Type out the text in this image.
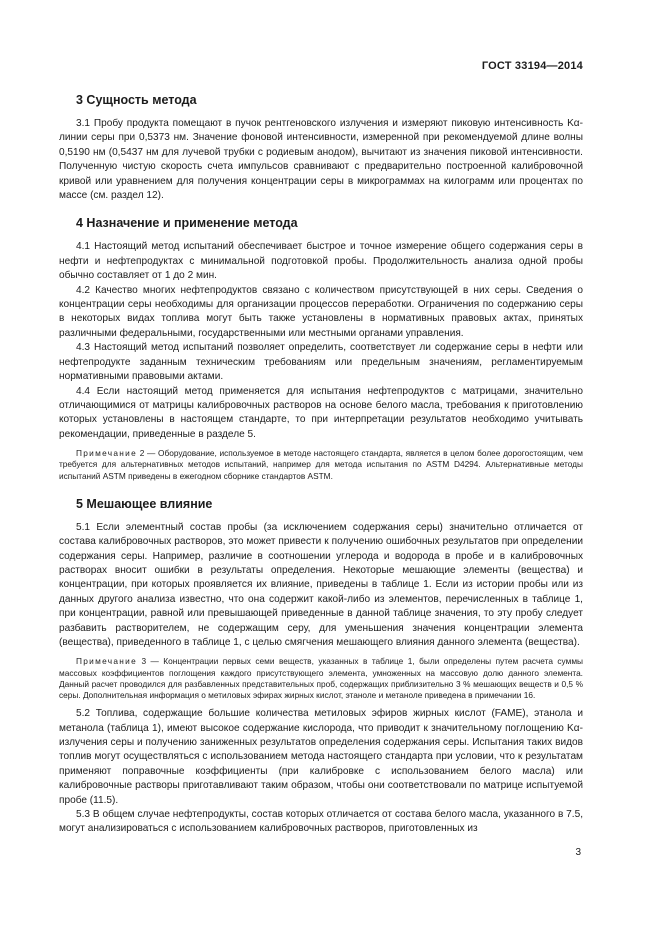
ГОСТ 33194—2014
3 Сущность метода

3.1 Пробу продукта помещают в пучок рентгеновского излучения и измеряют пиковую интенсивность Kα-линии серы при 0,5373 нм. Значение фоновой интенсивности, измеренной при рекомендуемой длине волны 0,5190 нм (0,5437 нм для лучевой трубки с родиевым анодом), вычитают из значения пиковой интенсивности. Полученную чистую скорость счета импульсов сравнивают с предварительно построенной калибровочной кривой или уравнением для получения концентрации серы в микрограммах на килограмм или процентах по массе (см. раздел 12).

4 Назначение и применение метода

4.1 Настоящий метод испытаний обеспечивает быстрое и точное измерение общего содержания серы в нефти и нефтепродуктах с минимальной подготовкой пробы. Продолжительность анализа одной пробы обычно составляет от 1 до 2 мин.

4.2 Качество многих нефтепродуктов связано с количеством присутствующей в них серы. Сведения о концентрации серы необходимы для организации процессов переработки. Ограничения по содержанию серы в некоторых видах топлива могут быть также установлены в нормативных правовых актах, принятых различными федеральными, государственными или местными органами управления.

4.3 Настоящий метод испытаний позволяет определить, соответствует ли содержание серы в нефти или нефтепродукте заданным техническим требованиям или предельным значениям, регламентируемым нормативными правовыми актами.

4.4 Если настоящий метод применяется для испытания нефтепродуктов с матрицами, значительно отличающимися от матрицы калибровочных растворов на основе белого масла, требования к приготовлению которых установлены в настоящем стандарте, то при интерпретации результатов необходимо учитывать рекомендации, приведенные в разделе 5.

Примечание 2 — Оборудование, используемое в методе настоящего стандарта, является в целом более дорогостоящим, чем требуется для альтернативных методов испытаний, например для метода испытания по ASTM D4294. Альтернативные методы испытаний ASTM приведены в ежегодном сборнике стандартов ASTM.

5 Мешающее влияние

5.1 Если элементный состав пробы (за исключением содержания серы) значительно отличается от состава калибровочных растворов, это может привести к получению ошибочных результатов при определении содержания серы. Например, различие в соотношении углерода и водорода в пробе и в калибровочных растворах вносит ошибки в результаты определения. Некоторые мешающие элементы (вещества) и концентрации, при которых проявляется их влияние, приведены в таблице 1. Если из истории пробы или из данных другого анализа известно, что она содержит какой-либо из элементов, перечисленных в таблице 1, при концентрации, равной или превышающей приведенные в данной таблице значения, то эту пробу следует разбавить растворителем, не содержащим серу, для уменьшения значения концентрации элемента (вещества), приведенного в таблице 1, с целью смягчения мешающего влияния данного элемента (вещества).

Примечание 3 — Концентрации первых семи веществ, указанных в таблице 1, были определены путем расчета суммы массовых коэффициентов поглощения каждого присутствующего элемента, умноженных на массовую долю данного элемента. Данный расчет проводился для разбавленных представительных проб, содержащих приблизительно 3 % мешающих веществ и 0,5 % серы. Дополнительная информация о метиловых эфирах жирных кислот, этаноле и метаноле приведена в примечании 16.

5.2 Топлива, содержащие большие количества метиловых эфиров жирных кислот (FAME), этанола и метанола (таблица 1), имеют высокое содержание кислорода, что приводит к значительному поглощению Kα-излучения серы и получению заниженных результатов определения содержания серы. Испытания таких видов топлив могут осуществляться с использованием метода настоящего стандарта при условии, что к результатам применяют поправочные коэффициенты (при калибровке с использованием белого масла) или калибровочные растворы приготавливают таким образом, чтобы они соответствовали по матрице испытуемой пробе (11.5).

5.3 В общем случае нефтепродукты, состав которых отличается от состава белого масла, указанного в 7.5, могут анализироваться с использованием калибровочных растворов, приготовленных из

3
